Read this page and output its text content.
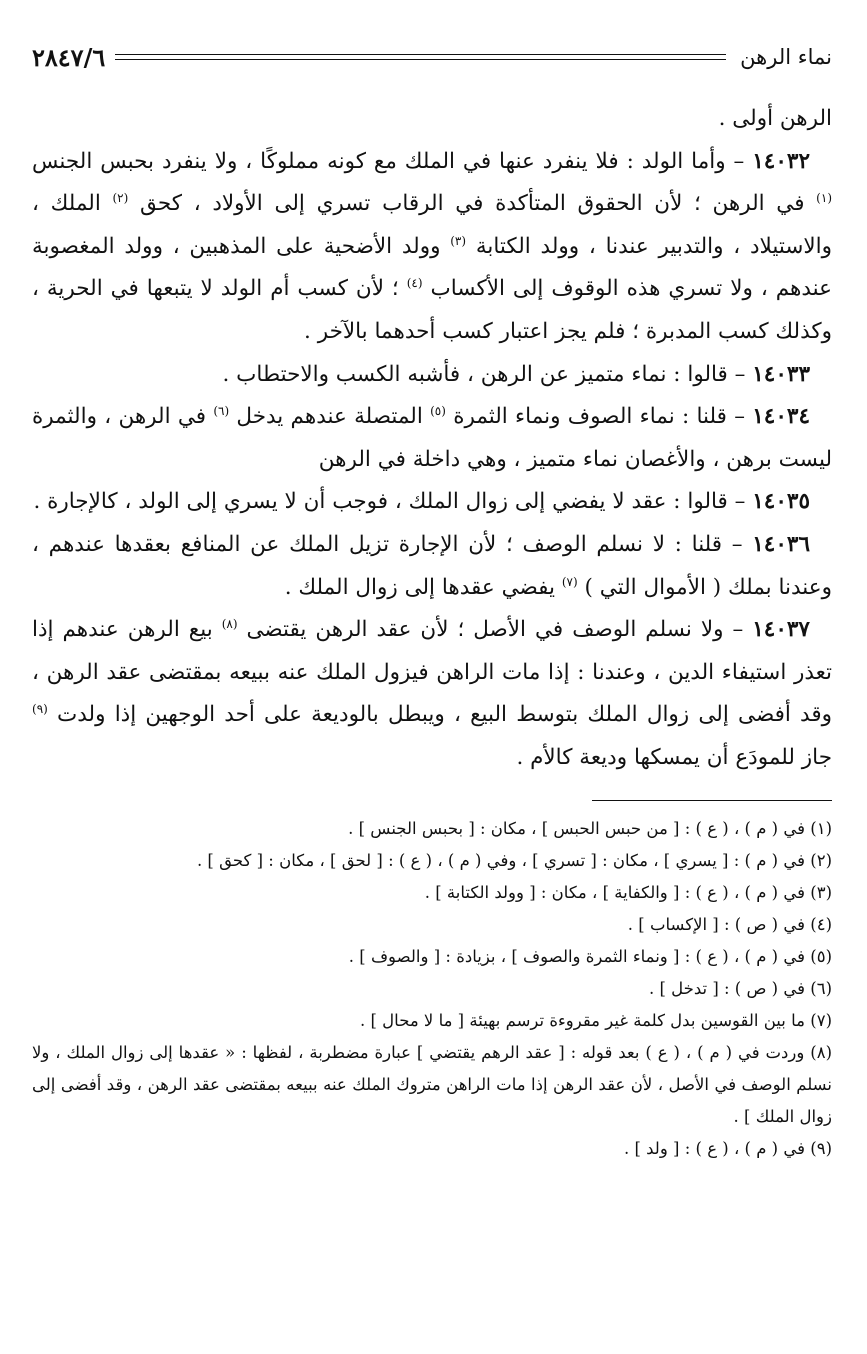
نماء الرهن
٢٨٤٧/٦

الرهن أولى .

١٤٠٣٢ – وأما الولد : فلا ينفرد عنها في الملك مع كونه مملوكًا ، ولا ينفرد بحبس الجنس $^{(١)}$ في الرهن ؛ لأن الحقوق المتأكدة في الرقاب تسري إلى الأولاد ، كحق $^{(٢)}$ الملك ، والاستيلاد ، والتدبير عندنا ، وولد الكتابة $^{(٣)}$ وولد الأضحية على المذهبين ، وولد المغصوبة عندهم ، ولا تسري هذه الوقوف إلى الأكساب $^{(٤)}$ ؛ لأن كسب أم الولد لا يتبعها في الحرية ، وكذلك كسب المدبرة ؛ فلم يجز اعتبار كسب أحدهما بالآخر .

١٤٠٣٣ – قالوا : نماء متميز عن الرهن ، فأشبه الكسب والاحتطاب .

١٤٠٣٤ – قلنا : نماء الصوف ونماء الثمرة $^{(٥)}$ المتصلة عندهم يدخل $^{(٦)}$ في الرهن ، والثمرة ليست برهن ، والأغصان نماء متميز ، وهي داخلة في الرهن

١٤٠٣٥ – قالوا : عقد لا يفضي إلى زوال الملك ، فوجب أن لا يسري إلى الولد ، كالإجارة .

١٤٠٣٦ – قلنا : لا نسلم الوصف ؛ لأن الإجارة تزيل الملك عن المنافع بعقدها عندهم ، وعندنا بملك ( الأموال التي ) $^{(٧)}$ يفضي عقدها إلى زوال الملك .

١٤٠٣٧ – ولا نسلم الوصف في الأصل ؛ لأن عقد الرهن يقتضى $^{(٨)}$ بيع الرهن عندهم إذا تعذر استيفاء الدين ، وعندنا : إذا مات الراهن فيزول الملك عنه ببيعه بمقتضى عقد الرهن ، وقد أفضى إلى زوال الملك بتوسط البيع ، ويبطل بالوديعة على أحد الوجهين إذا ولدت $^{(٩)}$ جاز للمودَع أن يمسكها وديعة كالأم .

(١) في ( م ) ، ( ع ) : [ من حبس الحبس ] ، مكان : [ بحبس الجنس ] .

(٢) في ( م ) : [ يسري ] ، مكان : [ تسري ] ، وفي ( م ) ، ( ع ) : [ لحق ] ، مكان : [ كحق ] .

(٣) في ( م ) ، ( ع ) : [ والكفاية ] ، مكان : [ وولد الكتابة ] .

(٤) في ( ص ) : [ الإكساب ] .

(٥) في ( م ) ، ( ع ) : [ ونماء الثمرة والصوف ] ، بزيادة : [ والصوف ] .

(٦) في ( ص ) : [ تدخل ] .

(٧) ما بين القوسين بدل كلمة غير مقروءة ترسم بهيئة [ ما لا محال ] .

(٨) وردت في ( م ) ، ( ع ) بعد قوله : [ عقد الرهم يقتضي ] عبارة مضطربة ، لفظها : « عقدها إلى زوال الملك ، ولا نسلم الوصف في الأصل ، لأن عقد الرهن إذا مات الراهن متروك الملك عنه ببيعه بمقتضى عقد الرهن ، وقد أفضى إلى زوال الملك ] .

(٩) في ( م ) ، ( ع ) : [ ولد ] .
